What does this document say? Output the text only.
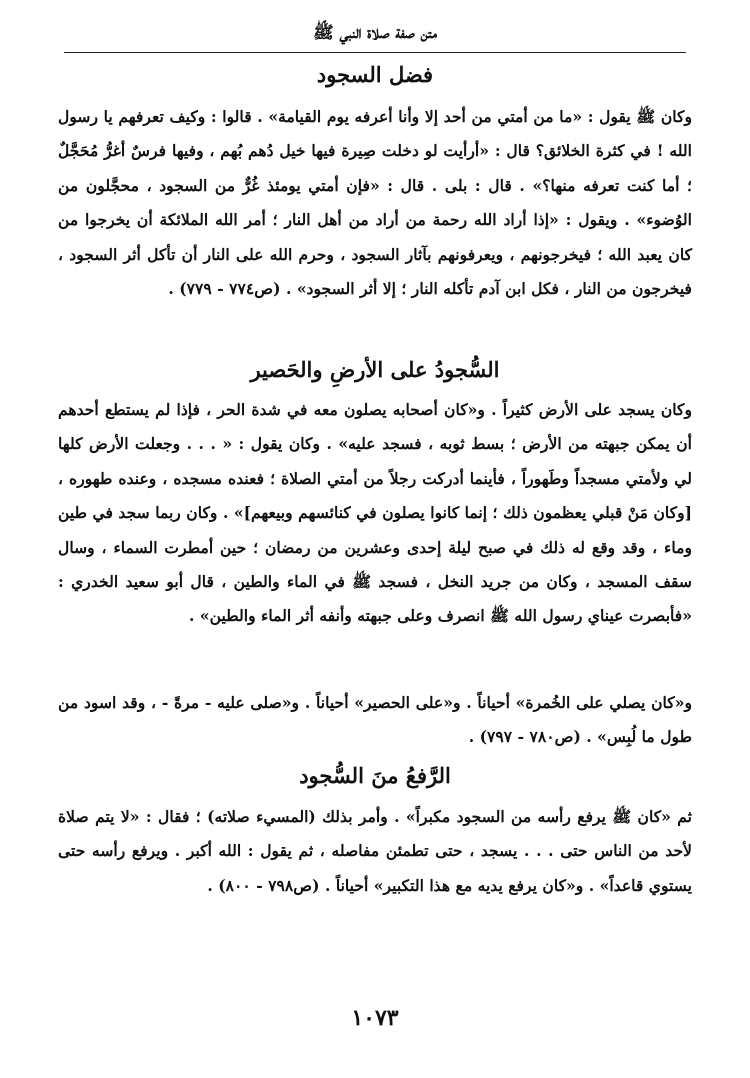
متن صفة صلاة النبي ﷺ
فضل السجود
وكان ﷺ يقول : «ما من أمتي من أحد إلا وأنا أعرفه يوم القيامة» . قالوا : وكيف تعرفهم يا رسول الله ! في كثرة الخلائق؟ قال : «أرأيت لو دخلت صِيرة فيها خيل دُهم بُهم ، وفيها فرسٌ أغرُّ مُحَجَّلٌ ؛ أما كنت تعرفه منها؟» . قال : بلى . قال : «فإن أمتي يومئذ غُرٌّ من السجود ، محجَّلون من الوُضوء» . ويقول : «إذا أراد الله رحمة من أراد من أهل النار ؛ أمر الله الملائكة أن يخرجوا من كان يعبد الله ؛ فيخرجونهم ، ويعرفونهم بآثار السجود ، وحرم الله على النار أن تأكل أثر السجود ، فيخرجون من النار ، فكل ابن آدم تأكله النار ؛ إلا أثر السجود» . (ص٧٧٤ - ٧٧٩) .
السُّجودُ على الأرضِ والحَصير
وكان يسجد على الأرض كثيراً . و«كان أصحابه يصلون معه في شدة الحر ، فإذا لم يستطع أحدهم أن يمكن جبهته من الأرض ؛ بسط ثوبه ، فسجد عليه» . وكان يقول : « . . . وجعلت الأرض كلها لي ولأمتي مسجداً وطَهوراً ، فأينما أدركت رجلاً من أمتي الصلاة ؛ فعنده مسجده ، وعنده طهوره ، [وكان مَنْ قبلي يعظمون ذلك ؛ إنما كانوا يصلون في كنائسهم وبيعهم]» . وكان ربما سجد في طين وماء ، وقد وقع له ذلك في صبح ليلة إحدى وعشرين من رمضان ؛ حين أمطرت السماء ، وسال سقف المسجد ، وكان من جريد النخل ، فسجد ﷺ في الماء والطين ، قال أبو سعيد الخدري : «فأبصرت عيناي رسول الله ﷺ انصرف وعلى جبهته وأنفه أثر الماء والطين» .
و«كان يصلي على الخُمرة» أحياناً . و«على الحصير» أحياناً . و«صلى عليه - مرةً - ، وقد اسود من طول ما لُبِس» . (ص٧٨٠ - ٧٩٧) .
الرَّفعُ منَ السُّجود
ثم «كان ﷺ يرفع رأسه من السجود مكبراً» . وأمر بذلك (المسيء صلاته) ؛ فقال : «لا يتم صلاة لأحد من الناس حتى . . . يسجد ، حتى تطمئن مفاصله ، ثم يقول : الله أكبر . ويرفع رأسه حتى يستوي قاعداً» . و«كان يرفع يديه مع هذا التكبير» أحياناً . (ص٧٩٨ - ٨٠٠) .
١٠٧٣
